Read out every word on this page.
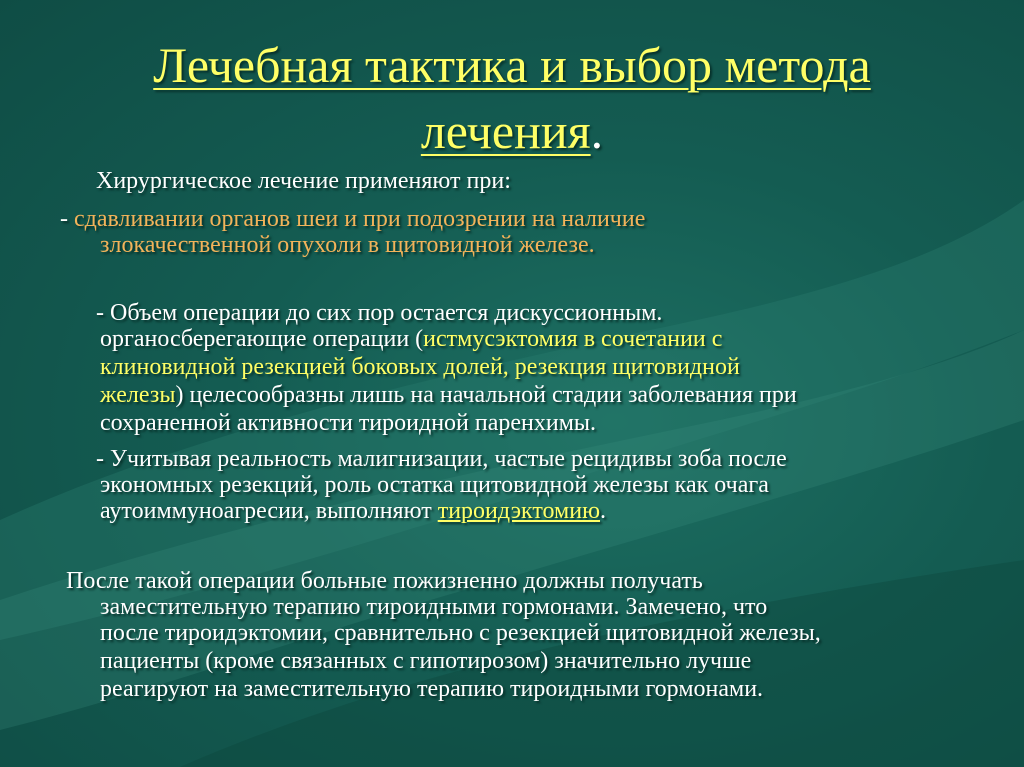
Лечебная тактика и выбор метода
лечения.
Хирургическое лечение применяют при:
- сдавливании органов шеи и при подозрении на наличие
злокачественной опухоли в щитовидной железе.
- Объем операции до сих пор остается дискуссионным.
органосберегающие операции (истмусэктомия в сочетании с
клиновидной резекцией боковых долей, резекция щитовидной
железы) целесообразны лишь на начальной стадии заболевания при
сохраненной активности тироидной паренхимы.
- Учитывая реальность малигнизации, частые рецидивы зоба после
экономных резекций, роль остатка щитовидной железы как очага
аутоиммуноагресии, выполняют тироидэктомию.
После такой операции больные пожизненно должны получать
заместительную терапию тироидными гормонами. Замечено, что
после тироидэктомии, сравнительно с резекцией щитовидной железы,
пациенты (кроме связанных с гипотирозом) значительно лучше
реагируют на заместительную терапию тироидными гормонами.
